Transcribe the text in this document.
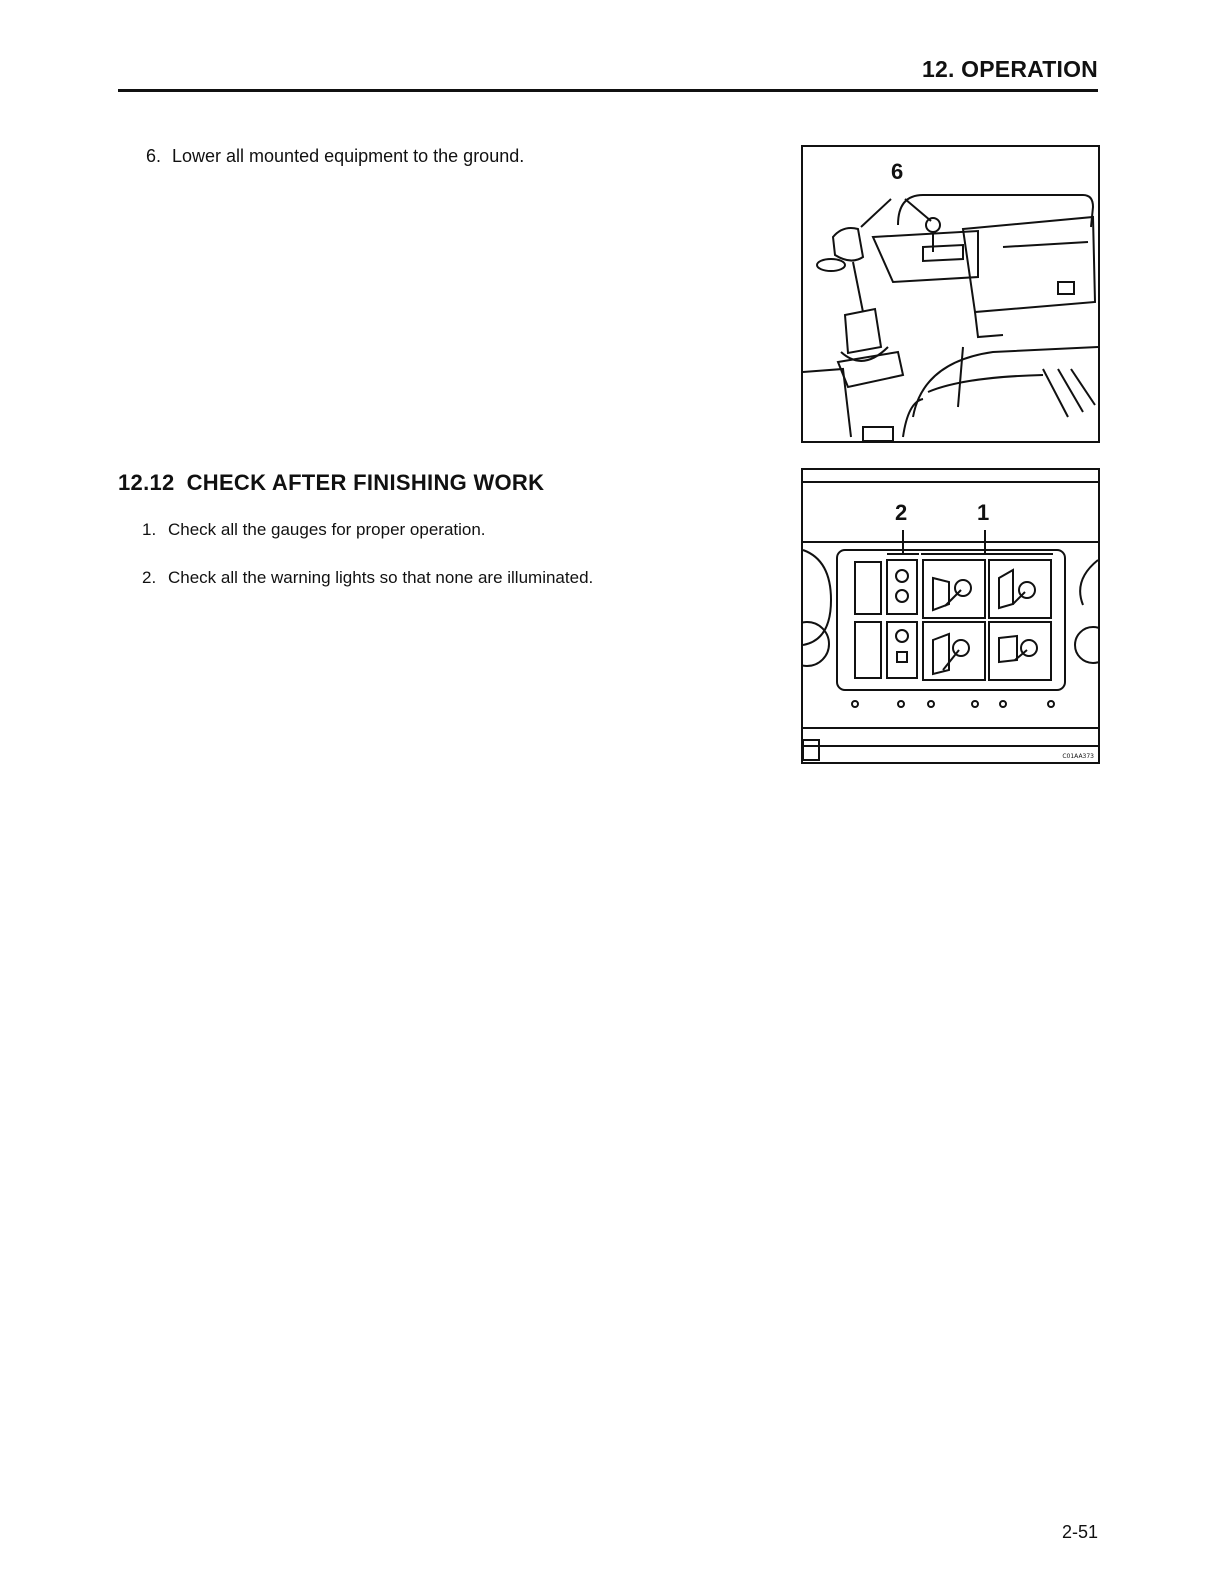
12. OPERATION
6. Lower all mounted equipment to the ground.
6
12.12 CHECK AFTER FINISHING WORK
1. Check all the gauges for proper operation.
2. Check all the warning lights so that none are illuminated.
2	1
C01AA373
2-51
